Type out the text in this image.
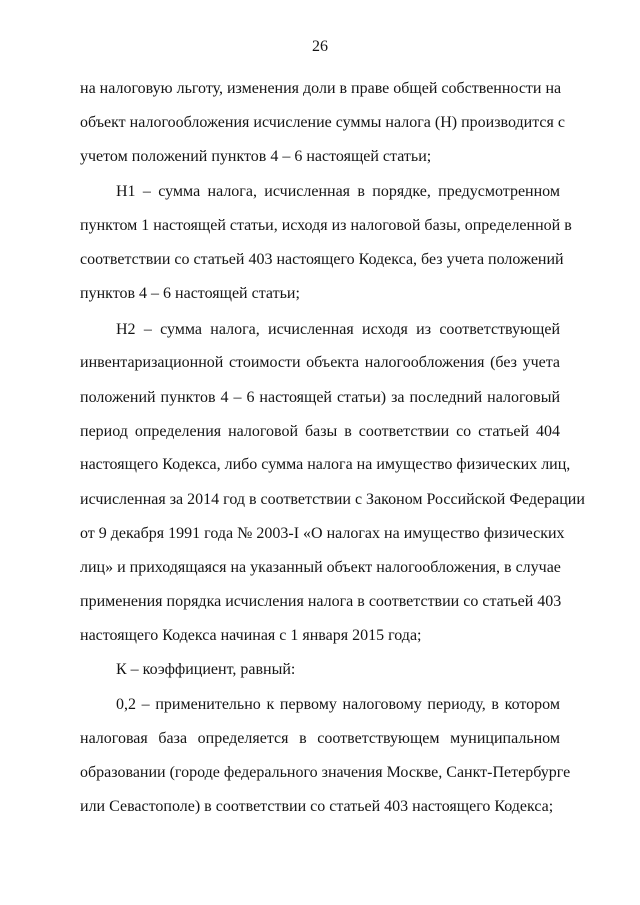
26
на налоговую льготу, изменения доли в праве общей собственности на
объект налогообложения исчисление суммы налога (Н) производится с
учетом положений пунктов 4 – 6 настоящей статьи;
Н1 – сумма налога, исчисленная в порядке, предусмотренном
пунктом 1 настоящей статьи, исходя из налоговой базы, определенной в
соответствии со статьей 403 настоящего Кодекса, без учета положений
пунктов 4 – 6 настоящей статьи;
Н2 – сумма налога, исчисленная исходя из соответствующей
инвентаризационной стоимости объекта налогообложения (без учета
положений пунктов 4 – 6 настоящей статьи) за последний налоговый
период определения налоговой базы в соответствии со статьей 404
настоящего Кодекса, либо сумма налога на имущество физических лиц,
исчисленная за 2014 год в соответствии с Законом Российской Федерации
от 9 декабря 1991 года № 2003-I «О налогах на имущество физических
лиц» и приходящаяся на указанный объект налогообложения, в случае
применения порядка исчисления налога в соответствии со статьей 403
настоящего Кодекса начиная с 1 января 2015 года;
К – коэффициент, равный:
0,2 – применительно к первому налоговому периоду, в котором
налоговая база определяется в соответствующем муниципальном
образовании (городе федерального значения Москве, Санкт-Петербурге
или Севастополе) в соответствии со статьей 403 настоящего Кодекса;
